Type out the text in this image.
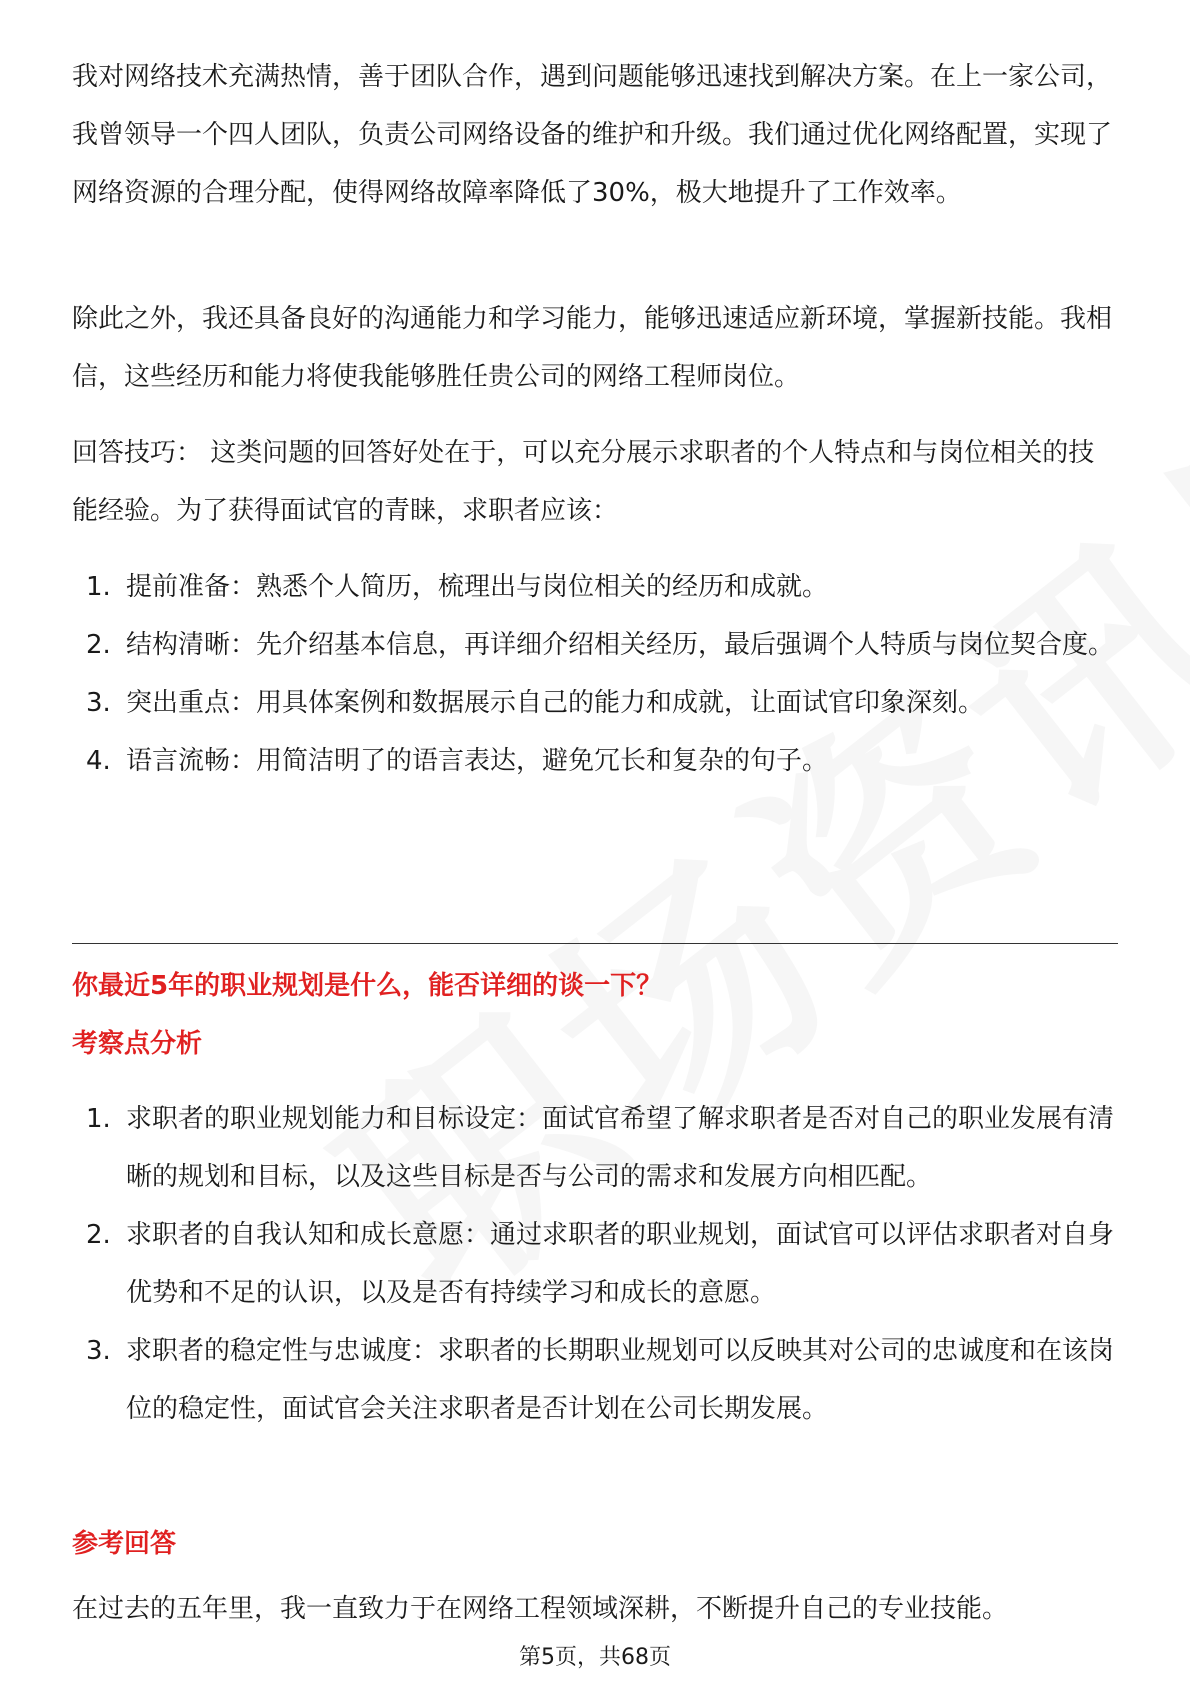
我对网络技术充满热情，善于团队合作，遇到问题能够迅速找到解决方案。在上一家公司，我曾领导一个四人团队，负责公司网络设备的维护和升级。我们通过优化网络配置，实现了网络资源的合理分配，使得网络故障率降低了30%，极大地提升了工作效率。

除此之外，我还具备良好的沟通能力和学习能力，能够迅速适应新环境，掌握新技能。我相信，这些经历和能力将使我能够胜任贵公司的网络工程师岗位。

回答技巧： 这类问题的回答好处在于，可以充分展示求职者的个人特点和与岗位相关的技能经验。为了获得面试官的青睐，求职者应该：

1. 提前准备：熟悉个人简历，梳理出与岗位相关的经历和成就。
2. 结构清晰：先介绍基本信息，再详细介绍相关经历，最后强调个人特质与岗位契合度。
3. 突出重点：用具体案例和数据展示自己的能力和成就，让面试官印象深刻。
4. 语言流畅：用简洁明了的语言表达，避免冗长和复杂的句子。
你最近5年的职业规划是什么，能否详细的谈一下？
考察点分析
1. 求职者的职业规划能力和目标设定：面试官希望了解求职者是否对自己的职业发展有清晰的规划和目标，以及这些目标是否与公司的需求和发展方向相匹配。
2. 求职者的自我认知和成长意愿：通过求职者的职业规划，面试官可以评估求职者对自身优势和不足的认识，以及是否有持续学习和成长的意愿。
3. 求职者的稳定性与忠诚度：求职者的长期职业规划可以反映其对公司的忠诚度和在该岗位的稳定性，面试官会关注求职者是否计划在公司长期发展。
参考回答

在过去的五年里，我一直致力于在网络工程领域深耕，不断提升自己的专业技能。

第5页，共68页
